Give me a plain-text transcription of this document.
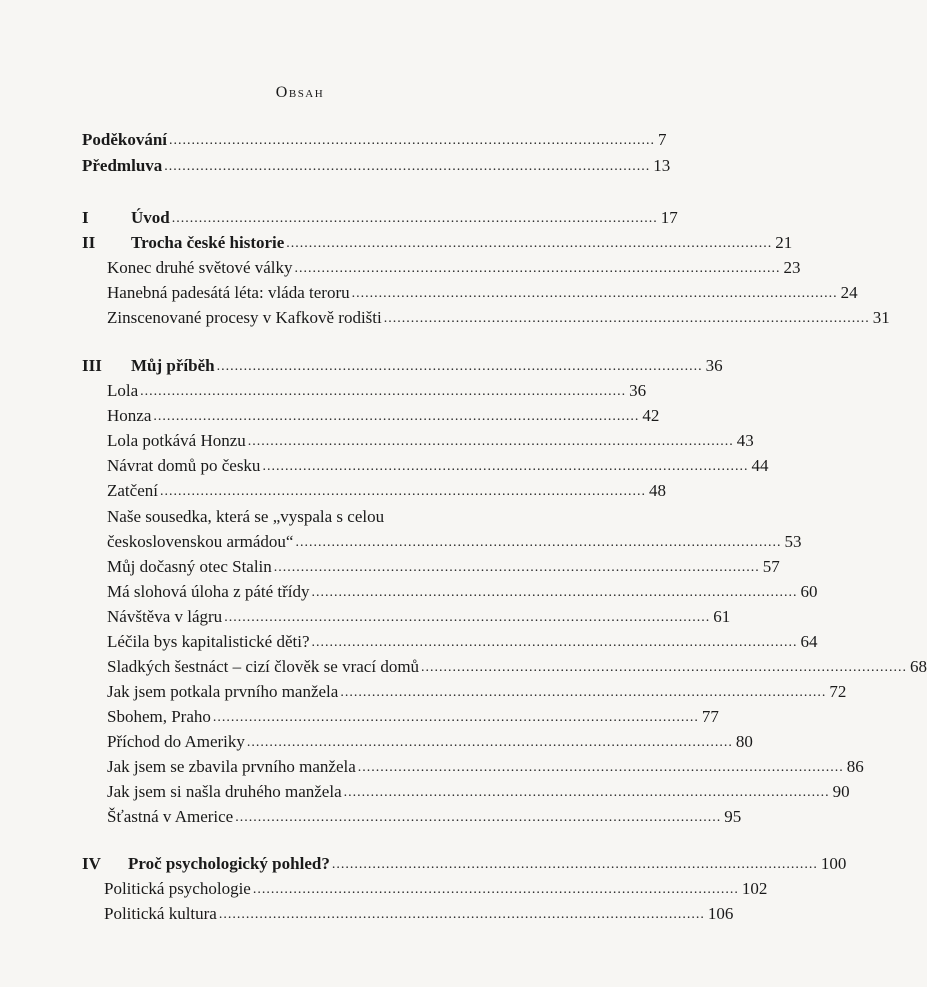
Obsah
Poděkování ............................................................................................................ 7
Předmluva ............................................................................................................ 13
I Úvod ............................................................................................................ 17
II Trocha české historie ............................................................................................................ 21
Konec druhé světové války ............................................................................................................ 23
Hanebná padesátá léta: vláda teroru ............................................................................................................ 24
Zinscenované procesy v Kafkově rodišti ............................................................................................................ 31
III Můj příběh ............................................................................................................ 36
Lola ............................................................................................................ 36
Honza ............................................................................................................ 42
Lola potkává Honzu ............................................................................................................ 43
Návrat domů po česku ............................................................................................................ 44
Zatčení ............................................................................................................ 48
Naše sousedka, která se „vyspala s celou
československou armádou“ ............................................................................................................ 53
Můj dočasný otec Stalin ............................................................................................................ 57
Má slohová úloha z páté třídy ............................................................................................................ 60
Návštěva v lágru ............................................................................................................ 61
Léčila bys kapitalistické děti? ............................................................................................................ 64
Sladkých šestnáct – cizí člověk se vrací domů ............................................................................................................ 68
Jak jsem potkala prvního manžela ............................................................................................................ 72
Sbohem, Praho ............................................................................................................ 77
Příchod do Ameriky ............................................................................................................ 80
Jak jsem se zbavila prvního manžela ............................................................................................................ 86
Jak jsem si našla druhého manžela ............................................................................................................ 90
Šťastná v Americe ............................................................................................................ 95
IV Proč psychologický pohled? ............................................................................................................ 100
Politická psychologie ............................................................................................................ 102
Politická kultura ............................................................................................................ 106
